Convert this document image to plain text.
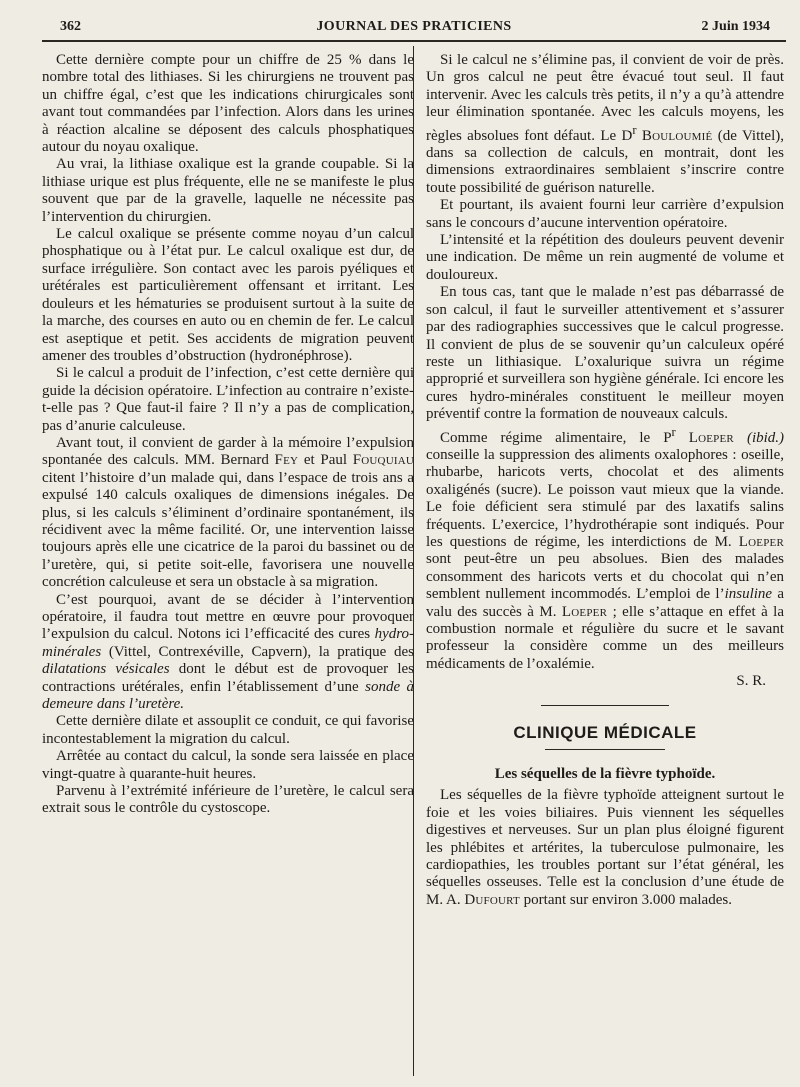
362	JOURNAL DES PRATICIENS	2 Juin 1934

Cette dernière compte pour un chiffre de 25 % dans le nombre total des lithiases. Si les chirurgiens ne trouvent pas un chiffre égal, c’est que les indications chirurgicales sont avant tout commandées par l’infection. Alors dans les urines à réaction alcaline se déposent des calculs phosphatiques autour du noyau oxalique.

Au vrai, la lithiase oxalique est la grande coupable. Si la lithiase urique est plus fréquente, elle ne se manifeste le plus souvent que par de la gravelle, laquelle ne nécessite pas l’intervention du chirurgien.

Le calcul oxalique se présente comme noyau d’un calcul phosphatique ou à l’état pur. Le calcul oxalique est dur, de surface irrégulière. Son contact avec les parois pyéliques et urétérales est particulièrement offensant et irritant. Les douleurs et les hématuries se produisent surtout à la suite de la marche, des courses en auto ou en chemin de fer. Le calcul est aseptique et petit. Ses accidents de migration peuvent amener des troubles d’obstruction (hydronéphrose).

Si le calcul a produit de l’infection, c’est cette dernière qui guide la décision opératoire. L’infection au contraire n’existe-t-elle pas ? Que faut-il faire ? Il n’y a pas de complication, pas d’anurie calculeuse.

Avant tout, il convient de garder à la mémoire l’expulsion spontanée des calculs. MM. Bernard Fey et Paul Fouquiau citent l’histoire d’un malade qui, dans l’espace de trois ans a expulsé 140 calculs oxaliques de dimensions inégales. De plus, si les calculs s’éliminent d’ordinaire spontanément, ils récidivent avec la même facilité. Or, une intervention laisse toujours après elle une cicatrice de la paroi du bassinet ou de l’uretère, qui, si petite soit-elle, favorisera une nouvelle concrétion calculeuse et sera un obstacle à sa migration.

C’est pourquoi, avant de se décider à l’intervention opératoire, il faudra tout mettre en œuvre pour provoquer l’expulsion du calcul. Notons ici l’efficacité des cures hydro-minérales (Vittel, Contrexéville, Capvern), la pratique des dilatations vésicales dont le début est de provoquer les contractions urétérales, enfin l’établissement d’une sonde à demeure dans l’uretère.

Cette dernière dilate et assouplit ce conduit, ce qui favorise incontestablement la migration du calcul.

Arrêtée au contact du calcul, la sonde sera laissée en place vingt-quatre à quarante-huit heures.

Parvenu à l’extrémité inférieure de l’uretère, le calcul sera extrait sous le contrôle du cystoscope.

Si le calcul ne s’élimine pas, il convient de voir de près. Un gros calcul ne peut être évacué tout seul. Il faut intervenir. Avec les calculs très petits, il n’y a qu’à attendre leur élimination spontanée. Avec les calculs moyens, les règles absolues font défaut. Le $D^r$ Bouloumié (de Vittel), dans sa collection de calculs, en montrait, dont les dimensions extraordinaires semblaient s’inscrire contre toute possibilité de guérison naturelle.

Et pourtant, ils avaient fourni leur carrière d’expulsion sans le concours d’aucune intervention opératoire.

L’intensité et la répétition des douleurs peuvent devenir une indication. De même un rein augmenté de volume et douloureux.

En tous cas, tant que le malade n’est pas débarrassé de son calcul, il faut le surveiller attentivement et s’assurer par des radiographies successives que le calcul progresse. Il convient de plus de se souvenir qu’un calculeux opéré reste un lithiasique. L’oxalurique suivra un régime approprié et surveillera son hygiène générale. Ici encore les cures hydro-minérales constituent le meilleur moyen préventif contre la formation de nouveaux calculs.

Comme régime alimentaire, le $P^r$ Loeper (ibid.) conseille la suppression des aliments oxalophores : oseille, rhubarbe, haricots verts, chocolat et des aliments oxaligénés (sucre). Le poisson vaut mieux que la viande. Le foie déficient sera stimulé par des laxatifs salins fréquents. L’exercice, l’hydrothérapie sont indiqués. Pour les questions de régime, les interdictions de M. Loeper sont peut-être un peu absolues. Bien des malades consomment des haricots verts et du chocolat qui n’en semblent nullement incommodés. L’emploi de l’insuline a valu des succès à M. Loeper ; elle s’attaque en effet à la combustion normale et régulière du sucre et le savant professeur la considère comme un des meilleurs médicaments de l’oxalémie.

S. R.
CLINIQUE MÉDICALE
Les séquelles de la fièvre typhoïde.

Les séquelles de la fièvre typhoïde atteignent surtout le foie et les voies biliaires. Puis viennent les séquelles digestives et nerveuses. Sur un plan plus éloigné figurent les phlébites et artérites, la tuberculose pulmonaire, les cardiopathies, les troubles portant sur l’état général, les séquelles osseuses. Telle est la conclusion d’une étude de M. A. Dufourt portant sur environ 3.000 malades.
